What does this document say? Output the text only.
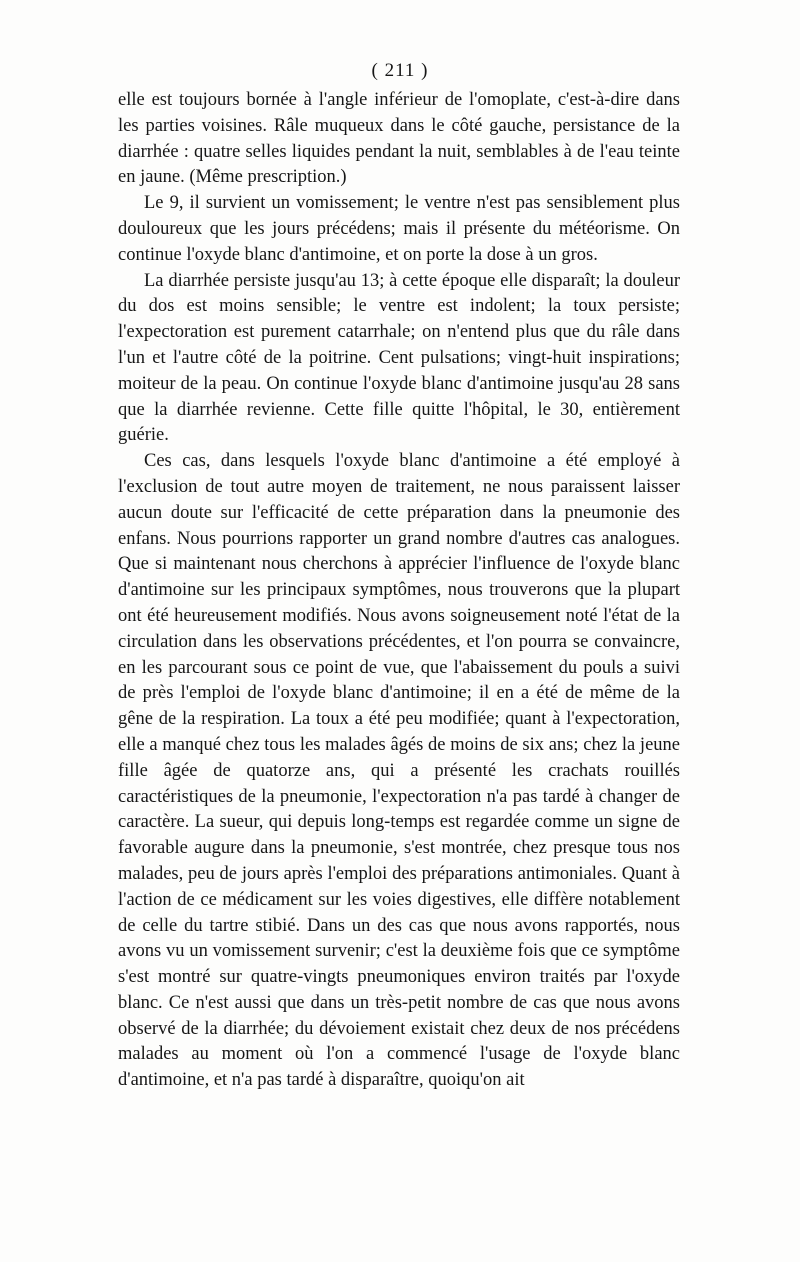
( 211 )

elle est toujours bornée à l'angle inférieur de l'omoplate, c'est-à-dire dans les parties voisines. Râle muqueux dans le côté gauche, persistance de la diarrhée : quatre selles liquides pendant la nuit, semblables à de l'eau teinte en jaune. (Même prescription.)

Le 9, il survient un vomissement; le ventre n'est pas sensiblement plus douloureux que les jours précédens; mais il présente du météorisme. On continue l'oxyde blanc d'antimoine, et on porte la dose à un gros.

La diarrhée persiste jusqu'au 13; à cette époque elle disparaît; la douleur du dos est moins sensible; le ventre est indolent; la toux persiste; l'expectoration est purement catarrhale; on n'entend plus que du râle dans l'un et l'autre côté de la poitrine. Cent pulsations; vingt-huit inspirations; moiteur de la peau. On continue l'oxyde blanc d'antimoine jusqu'au 28 sans que la diarrhée revienne. Cette fille quitte l'hôpital, le 30, entièrement guérie.

Ces cas, dans lesquels l'oxyde blanc d'antimoine a été employé à l'exclusion de tout autre moyen de traitement, ne nous paraissent laisser aucun doute sur l'efficacité de cette préparation dans la pneumonie des enfans. Nous pourrions rapporter un grand nombre d'autres cas analogues. Que si maintenant nous cherchons à apprécier l'influence de l'oxyde blanc d'antimoine sur les principaux symptômes, nous trouverons que la plupart ont été heureusement modifiés. Nous avons soigneusement noté l'état de la circulation dans les observations précédentes, et l'on pourra se convaincre, en les parcourant sous ce point de vue, que l'abaissement du pouls a suivi de près l'emploi de l'oxyde blanc d'antimoine; il en a été de même de la gêne de la respiration. La toux a été peu modifiée; quant à l'expectoration, elle a manqué chez tous les malades âgés de moins de six ans; chez la jeune fille âgée de quatorze ans, qui a présenté les crachats rouillés caractéristiques de la pneumonie, l'expectoration n'a pas tardé à changer de caractère. La sueur, qui depuis long-temps est regardée comme un signe de favorable augure dans la pneumonie, s'est montrée, chez presque tous nos malades, peu de jours après l'emploi des préparations antimoniales. Quant à l'action de ce médicament sur les voies digestives, elle diffère notablement de celle du tartre stibié. Dans un des cas que nous avons rapportés, nous avons vu un vomissement survenir; c'est la deuxième fois que ce symptôme s'est montré sur quatre-vingts pneumoniques environ traités par l'oxyde blanc. Ce n'est aussi que dans un très-petit nombre de cas que nous avons observé de la diarrhée; du dévoiement existait chez deux de nos précédens malades au moment où l'on a commencé l'usage de l'oxyde blanc d'antimoine, et n'a pas tardé à disparaître, quoiqu'on ait
